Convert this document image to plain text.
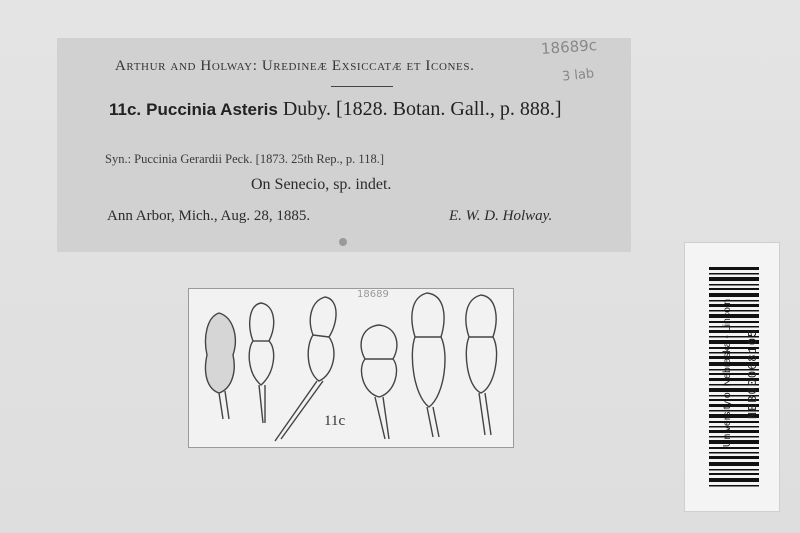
Arthur and Holway: Uredineæ Exsiccatæ et Icones.
11c. Puccinia Asteris Duby. [1828. Botan. Gall., p. 888.]
Syn.: Puccinia Gerardii Peck. [1873. 25th Rep., p. 118.]
On Senecio, sp. indet.
Ann Arbor, Mich., Aug. 28, 1885.	E. W. D. Holway.
18689c
3 lab
18689
11c
NEB00068105
